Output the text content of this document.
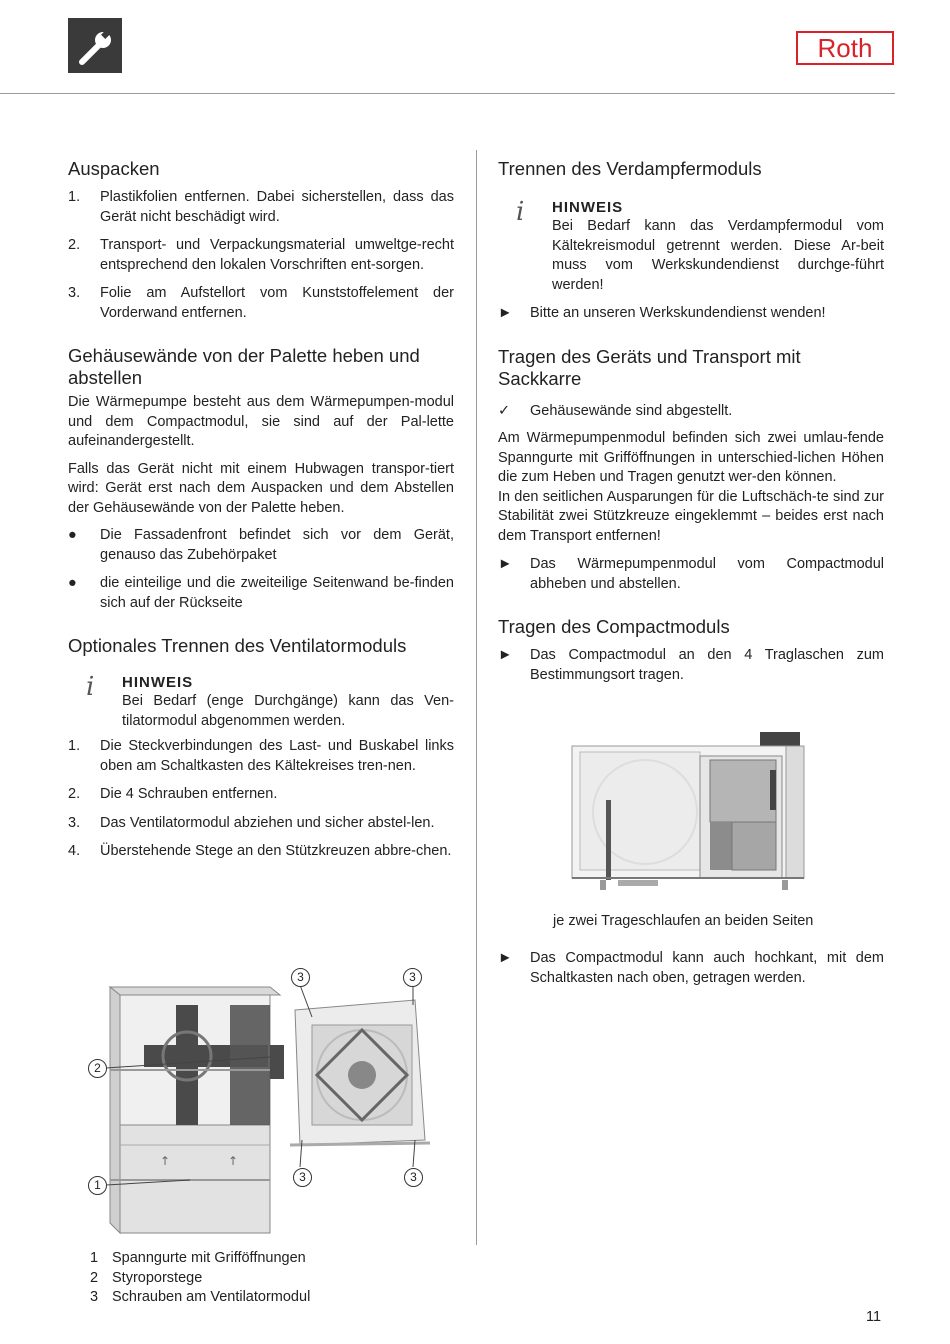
Roth
Auspacken
1.	Plastikfolien entfernen. Dabei sicherstellen, dass das Gerät nicht beschädigt wird.
2.	Transport- und Verpackungsmaterial umweltge-recht entsprechend den lokalen Vorschriften ent-sorgen.
3.	Folie am Aufstellort vom Kunststoffelement der Vorderwand entfernen.
Gehäusewände von der Palette heben und abstellen

Die Wärmepumpe besteht aus dem Wärmepumpen-modul und dem Compactmodul, sie sind auf der Pal-lette aufeinandergestellt.

Falls das Gerät nicht mit einem Hubwagen transpor-tiert wird: Gerät erst nach dem Auspacken und dem Abstellen der Gehäusewände von der Palette heben.

●	Die Fassadenfront befindet sich vor dem Gerät, genauso das Zubehörpaket
●	die einteilige und die zweiteilige Seitenwand be-finden sich auf der Rückseite
Optionales Trennen des Ventilatormoduls
i	HINWEIS

Bei Bedarf (enge Durchgänge) kann das Ven-tilatormodul abgenommen werden.

1.	Die Steckverbindungen des Last- und Buskabel links oben am Schaltkasten des Kältekreises tren-nen.
2.	Die 4 Schrauben entfernen.
3.	Das Ventilatormodul abziehen und sicher abstel-len.
4.	Überstehende Stege an den Stützkreuzen abbre-chen.
↑	↑
3	3
2
3	3
1
1 Spanngurte mit Grifföffnungen
2 Styroporstege
3 Schrauben am Ventilatormodul
Trennen des Verdampfermoduls
i	HINWEIS

Bei Bedarf kann das Verdampfermodul vom Kältekreismodul getrennt werden. Diese Ar-beit muss vom Werkskundendienst durchge-führt werden!

►	Bitte an unseren Werkskundendienst wenden!
Tragen des Geräts und Transport mit Sackkarre
✓	Gehäusewände sind abgestellt.

Am Wärmepumpenmodul befinden sich zwei umlau-fende Spanngurte mit Grifföffnungen in unterschied-lichen Höhen die zum Heben und Tragen genutzt wer-den können.

In den seitlichen Ausparungen für die Luftschäch-te sind zur Stabilität zwei Stützkreuze eingeklemmt – beides erst nach dem Transport entfernen!

►	Das Wärmepumpenmodul vom Compactmodul abheben und abstellen.
Tragen des Compactmoduls
►	Das Compactmodul an den 4 Traglaschen zum Bestimmungsort tragen.
je zwei Trageschlaufen an beiden Seiten
►	Das Compactmodul kann auch hochkant, mit dem Schaltkasten nach oben, getragen werden.
11
